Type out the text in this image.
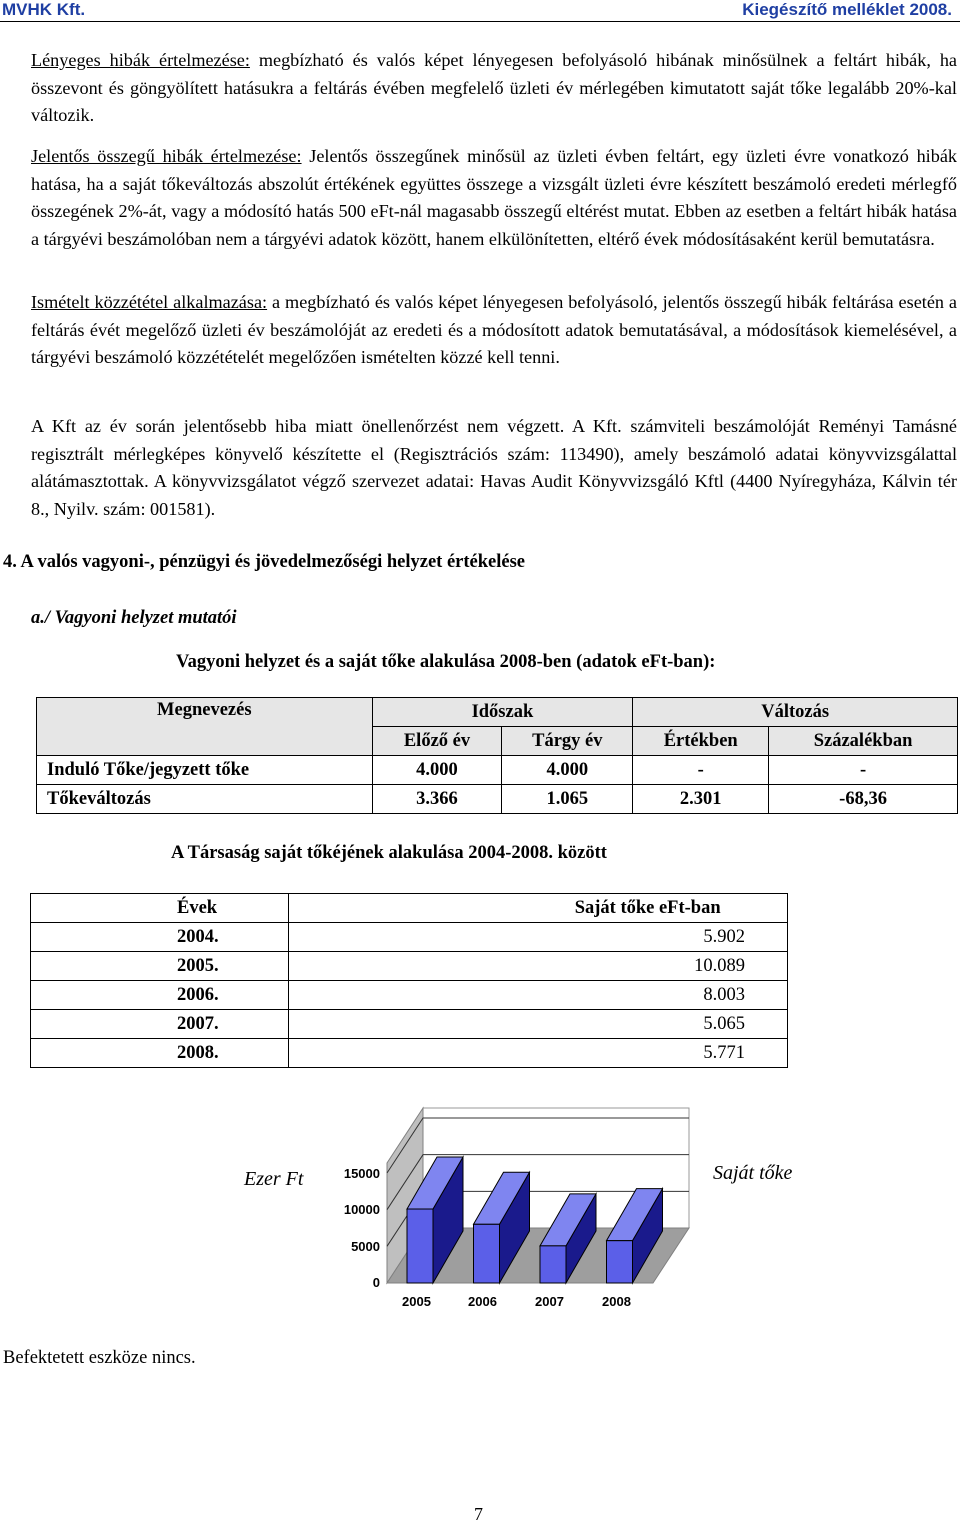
MVHK Kft.	Kiegészítő melléklet 2008.
Lényeges hibák értelmezése: megbízható és valós képet lényegesen befolyásoló hibának minősülnek a feltárt hibák, ha összevont és göngyölített hatásukra a feltárás évében megfelelő üzleti év mérlegében kimutatott saját tőke legalább 20%-kal változik.
Jelentős összegű hibák értelmezése: Jelentős összegűnek minősül az üzleti évben feltárt, egy üzleti évre vonatkozó hibák hatása, ha a saját tőkeváltozás abszolút értékének együttes összege a vizsgált üzleti évre készített beszámoló eredeti mérlegfő összegének 2%-át, vagy a módosító hatás 500 eFt-nál magasabb összegű eltérést mutat. Ebben az esetben a feltárt hibák hatása a tárgyévi beszámolóban nem a tárgyévi adatok között, hanem elkülönítetten, eltérő évek módosításaként kerül bemutatásra.
Ismételt közzététel alkalmazása: a megbízható és valós képet lényegesen befolyásoló, jelentős összegű hibák feltárása esetén a feltárás évét megelőző üzleti év beszámolóját az eredeti és a módosított adatok bemutatásával, a módosítások kiemelésével, a tárgyévi beszámoló közzétételét megelőzően ismételten közzé kell tenni.
A Kft az év során jelentősebb hiba miatt önellenőrzést nem végzett. A Kft. számviteli beszámolóját Reményi Tamásné regisztrált mérlegképes könyvelő készítette el (Regisztrációs szám: 113490), amely beszámoló adatai könyvvizsgálattal alátámasztottak. A könyvvizsgálatot végző szervezet adatai: Havas Audit Könyvvizsgáló Kftl (4400 Nyíregyháza, Kálvin tér 8., Nyilv. szám: 001581).
4. A valós vagyoni-, pénzügyi és jövedelmezőségi helyzet értékelése
a./ Vagyoni helyzet mutatói
Vagyoni helyzet és a saját tőke alakulása 2008-ben (adatok eFt-ban):
Megnevezés	Időszak		Változás	
	Előző év	Tárgy év	Értékben	Százalékban
Induló Tőke/jegyzett tőke	4.000	4.000	-	-
Tőkeváltozás	3.366	1.065	2.301	-68,36
A Társaság saját tőkéjének alakulása 2004-2008. között
Évek	Saját tőke eFt-ban
2004.	5.902
2005.	10.089
2006.	8.003
2007.	5.065
2008.	5.771
Ezer Ft	Saját tőke
15000
10000
5000
0
2005	2006	2007	2008
Befektetett eszköze nincs.
7
